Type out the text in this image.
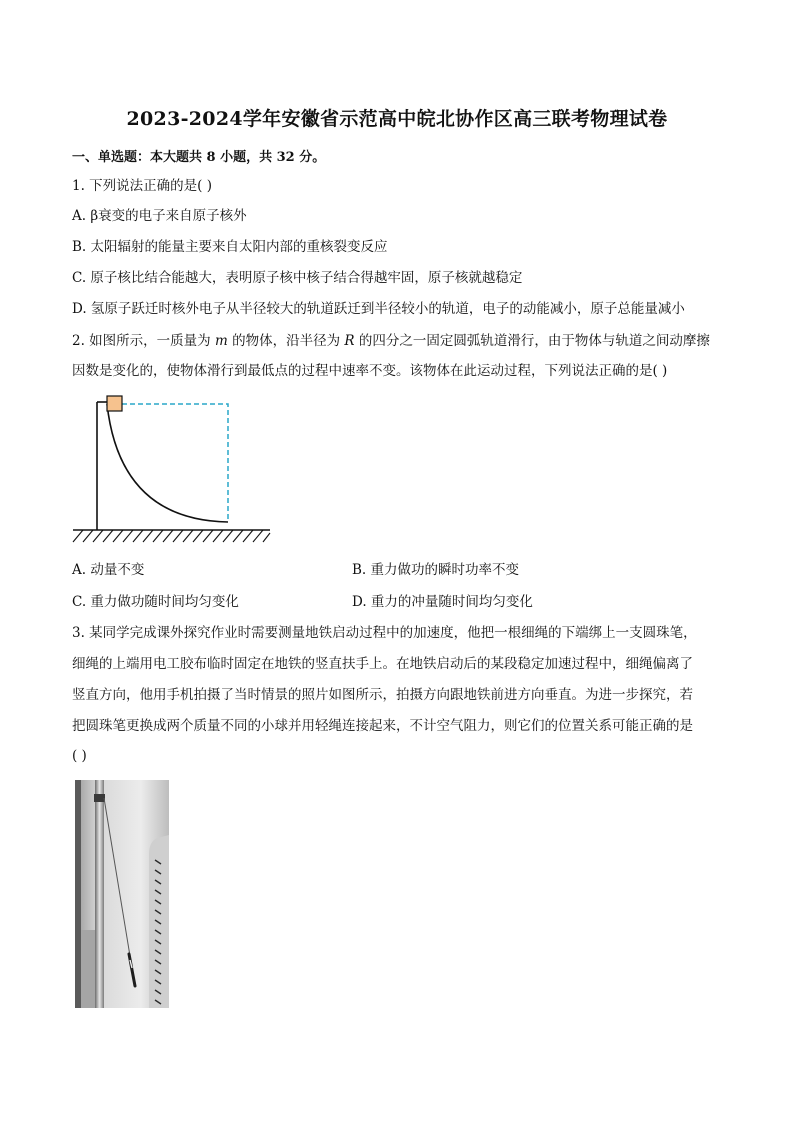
2023-2024学年安徽省示范高中皖北协作区高三联考物理试卷
一、单选题：本大题共 8 小题，共 32 分。
1. 下列说法正确的是( )
A. β衰变的电子来自原子核外
B. 太阳辐射的能量主要来自太阳内部的重核裂变反应
C. 原子核比结合能越大，表明原子核中核子结合得越牢固，原子核就越稳定
D. 氢原子跃迁时核外电子从半径较大的轨道跃迁到半径较小的轨道，电子的动能减小，原子总能量减小
2. 如图所示，一质量为 m 的物体，沿半径为 R 的四分之一固定圆弧轨道滑行，由于物体与轨道之间动摩擦
因数是变化的，使物体滑行到最低点的过程中速率不变。该物体在此运动过程，下列说法正确的是( )
A. 动量不变	B. 重力做功的瞬时功率不变
C. 重力做功随时间均匀变化	D. 重力的冲量随时间均匀变化
3. 某同学完成课外探究作业时需要测量地铁启动过程中的加速度，他把一根细绳的下端绑上一支圆珠笔，
细绳的上端用电工胶布临时固定在地铁的竖直扶手上。在地铁启动后的某段稳定加速过程中，细绳偏离了
竖直方向，他用手机拍摄了当时情景的照片如图所示，拍摄方向跟地铁前进方向垂直。为进一步探究，若
把圆珠笔更换成两个质量不同的小球并用轻绳连接起来，不计空气阻力，则它们的位置关系可能正确的是
( )
